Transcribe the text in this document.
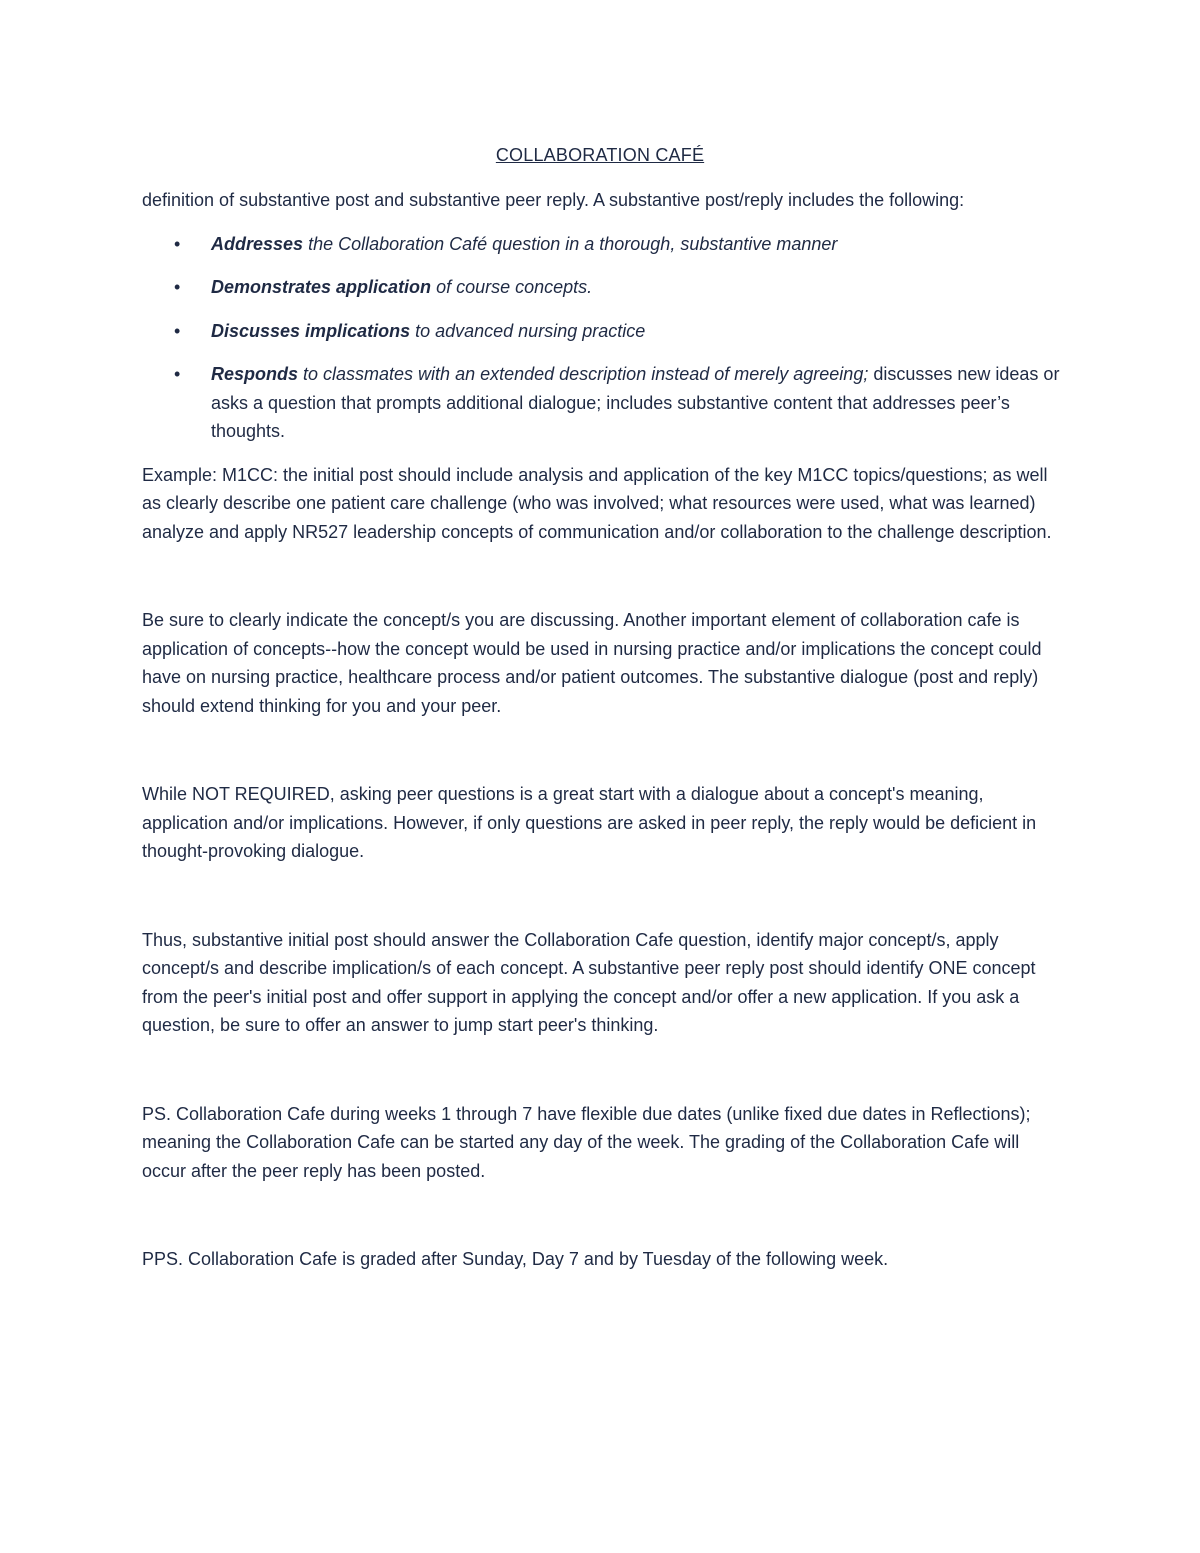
COLLABORATION CAFÉ

definition of substantive post and substantive peer reply. A substantive post/reply includes the following:

• Addresses the Collaboration Café question in a thorough, substantive manner
• Demonstrates application of course concepts.
• Discusses implications to advanced nursing practice
• Responds to classmates with an extended description instead of merely agreeing; discusses new ideas or asks a question that prompts additional dialogue; includes substantive content that addresses peer’s thoughts.

Example: M1CC: the initial post should include analysis and application of the key M1CC topics/questions; as well as clearly describe one patient care challenge (who was involved; what resources were used, what was learned) analyze and apply NR527 leadership concepts of communication and/or collaboration to the challenge description.

Be sure to clearly indicate the concept/s you are discussing. Another important element of collaboration cafe is application of concepts--how the concept would be used in nursing practice and/or implications the concept could have on nursing practice, healthcare process and/or patient outcomes. The substantive dialogue (post and reply) should extend thinking for you and your peer.

While NOT REQUIRED, asking peer questions is a great start with a dialogue about a concept's meaning, application and/or implications. However, if only questions are asked in peer reply, the reply would be deficient in thought-provoking dialogue.

Thus, substantive initial post should answer the Collaboration Cafe question, identify major concept/s, apply concept/s and describe implication/s of each concept. A substantive peer reply post should identify ONE concept from the peer's initial post and offer support in applying the concept and/or offer a new application. If you ask a question, be sure to offer an answer to jump start peer's thinking.

PS. Collaboration Cafe during weeks 1 through 7 have flexible due dates (unlike fixed due dates in Reflections); meaning the Collaboration Cafe can be started any day of the week. The grading of the Collaboration Cafe will occur after the peer reply has been posted.

PPS. Collaboration Cafe is graded after Sunday, Day 7 and by Tuesday of the following week.
